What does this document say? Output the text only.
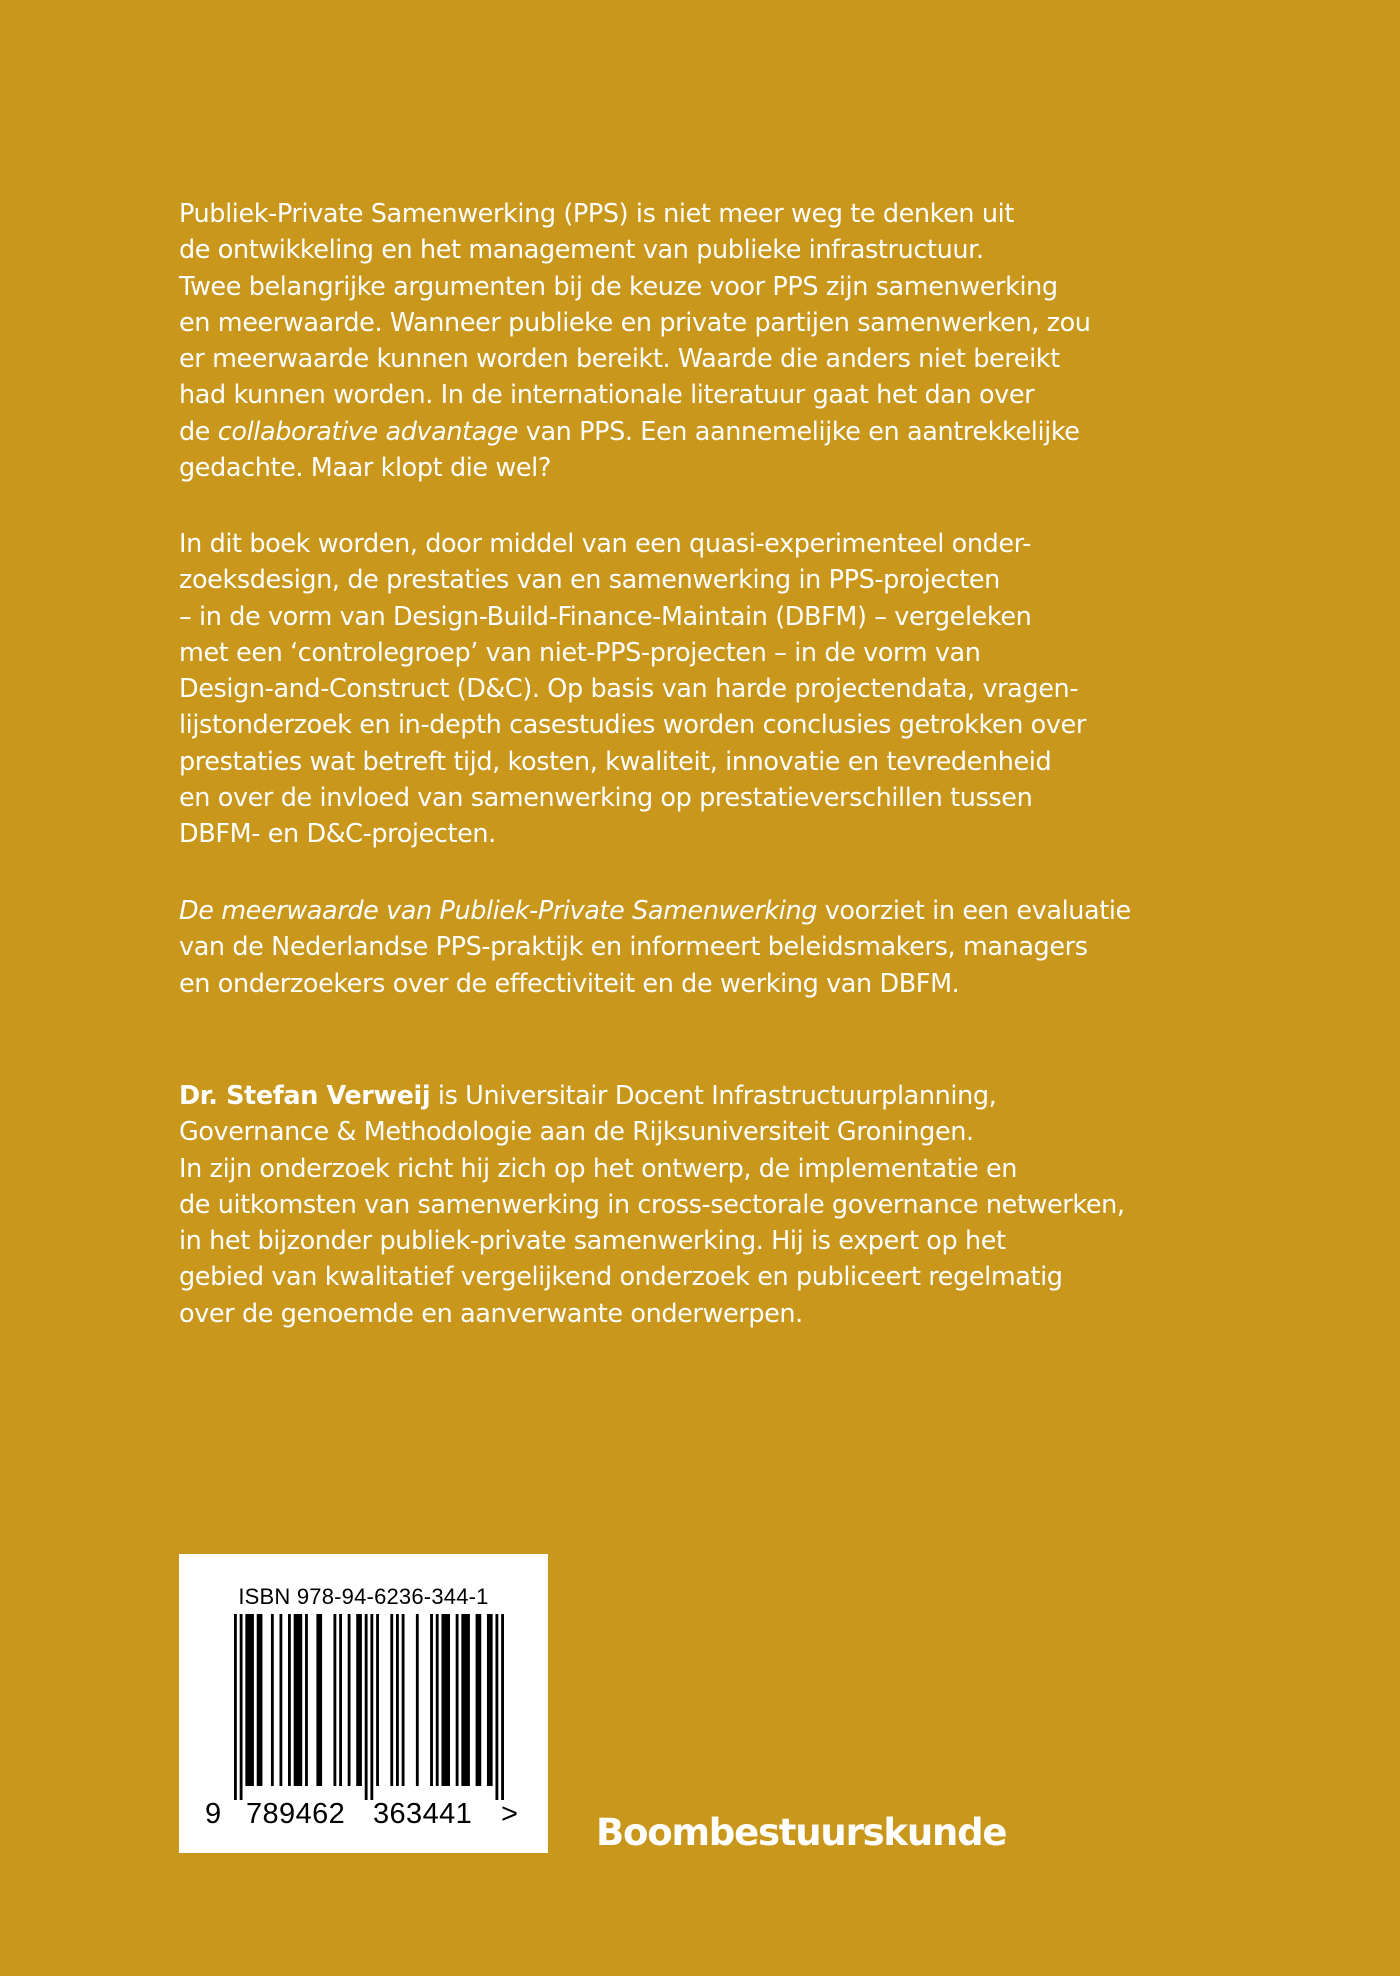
Publiek-Private Samenwerking (PPS) is niet meer weg te denken uit
de ontwikkeling en het management van publieke infrastructuur.
Twee belangrijke argumenten bij de keuze voor PPS zijn samenwerking
en meerwaarde. Wanneer publieke en private partijen samenwerken, zou
er meerwaarde kunnen worden bereikt. Waarde die anders niet bereikt
had kunnen worden. In de internationale literatuur gaat het dan over
de collaborative advantage van PPS. Een aannemelijke en aantrekkelijke
gedachte. Maar klopt die wel?
In dit boek worden, door middel van een quasi-experimenteel onder-
zoeksdesign, de prestaties van en samenwerking in PPS-projecten
– in de vorm van Design-Build-Finance-Maintain (DBFM) – vergeleken
met een ‘controlegroep’ van niet-PPS-projecten – in de vorm van
Design-and-Construct (D&C). Op basis van harde projectendata, vragen-
lijstonderzoek en in-depth casestudies worden conclusies getrokken over
prestaties wat betreft tijd, kosten, kwaliteit, innovatie en tevredenheid
en over de invloed van samenwerking op prestatieverschillen tussen
DBFM- en D&C-projecten.
De meerwaarde van Publiek-Private Samenwerking voorziet in een evaluatie
van de Nederlandse PPS-praktijk en informeert beleidsmakers, managers
en onderzoekers over de effectiviteit en de werking van DBFM.
Dr. Stefan Verweij is Universitair Docent Infrastructuurplanning,
Governance & Methodologie aan de Rijksuniversiteit Groningen.
In zijn onderzoek richt hij zich op het ontwerp, de implementatie en
de uitkomsten van samenwerking in cross-sectorale governance netwerken,
in het bijzonder publiek-private samenwerking. Hij is expert op het
gebied van kwalitatief vergelijkend onderzoek en publiceert regelmatig
over de genoemde en aanverwante onderwerpen.
ISBN 978-94-6236-344-1
9 789462 363441 > Boombestuurskunde
